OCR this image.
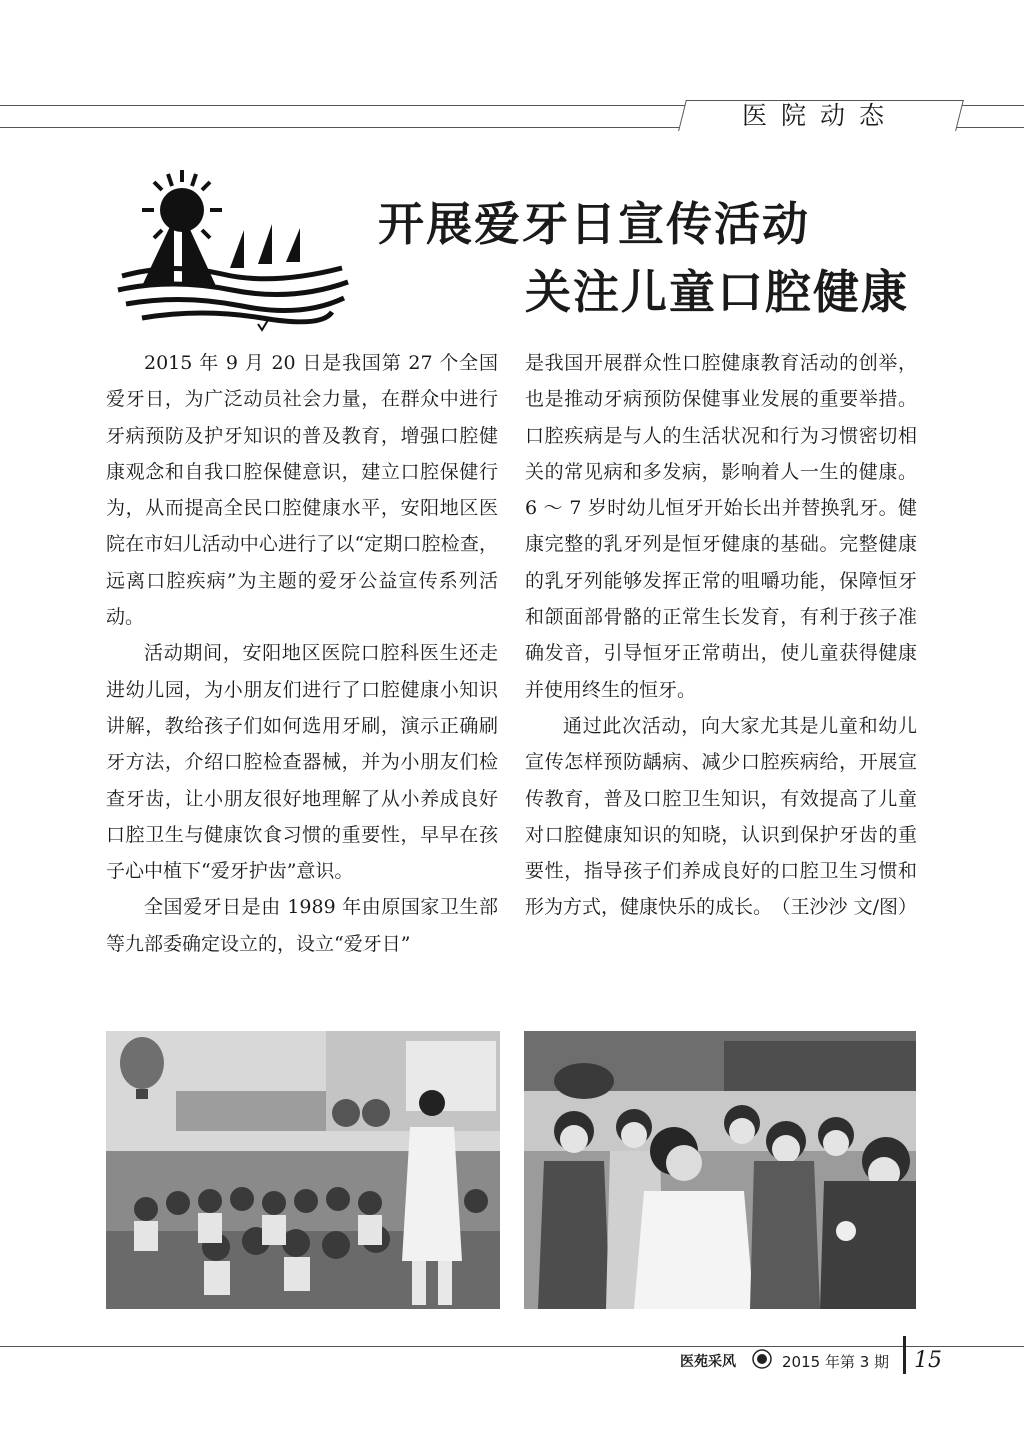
医院动态
开展爱牙日宣传活动
关注儿童口腔健康

2015 年 9 月 20 日是我国第 27 个全国爱牙日，为广泛动员社会力量，在群众中进行牙病预防及护牙知识的普及教育，增强口腔健康观念和自我口腔保健意识，建立口腔保健行为，从而提高全民口腔健康水平，安阳地区医院在市妇儿活动中心进行了以“定期口腔检查，远离口腔疾病”为主题的爱牙公益宣传系列活动。

活动期间，安阳地区医院口腔科医生还走进幼儿园，为小朋友们进行了口腔健康小知识讲解，教给孩子们如何选用牙刷，演示正确刷牙方法，介绍口腔检查器械，并为小朋友们检查牙齿，让小朋友很好地理解了从小养成良好口腔卫生与健康饮食习惯的重要性，早早在孩子心中植下“爱牙护齿”意识。

全国爱牙日是由 1989 年由原国家卫生部等九部委确定设立的，设立“爱牙日”

是我国开展群众性口腔健康教育活动的创举，也是推动牙病预防保健事业发展的重要举措。口腔疾病是与人的生活状况和行为习惯密切相关的常见病和多发病，影响着人一生的健康。6 ～ 7 岁时幼儿恒牙开始长出并替换乳牙。健康完整的乳牙列是恒牙健康的基础。完整健康的乳牙列能够发挥正常的咀嚼功能，保障恒牙和颌面部骨骼的正常生长发育，有利于孩子准确发音，引导恒牙正常萌出，使儿童获得健康并使用终生的恒牙。

通过此次活动，向大家尤其是儿童和幼儿宣传怎样预防龋病、减少口腔疾病给，开展宣传教育，普及口腔卫生知识，有效提高了儿童对口腔健康知识的知晓，认识到保护牙齿的重要性，指导孩子们养成良好的口腔卫生习惯和形为方式，健康快乐的成长。 （王沙沙 文/图）
医苑采风	2015 年第 3 期 15
